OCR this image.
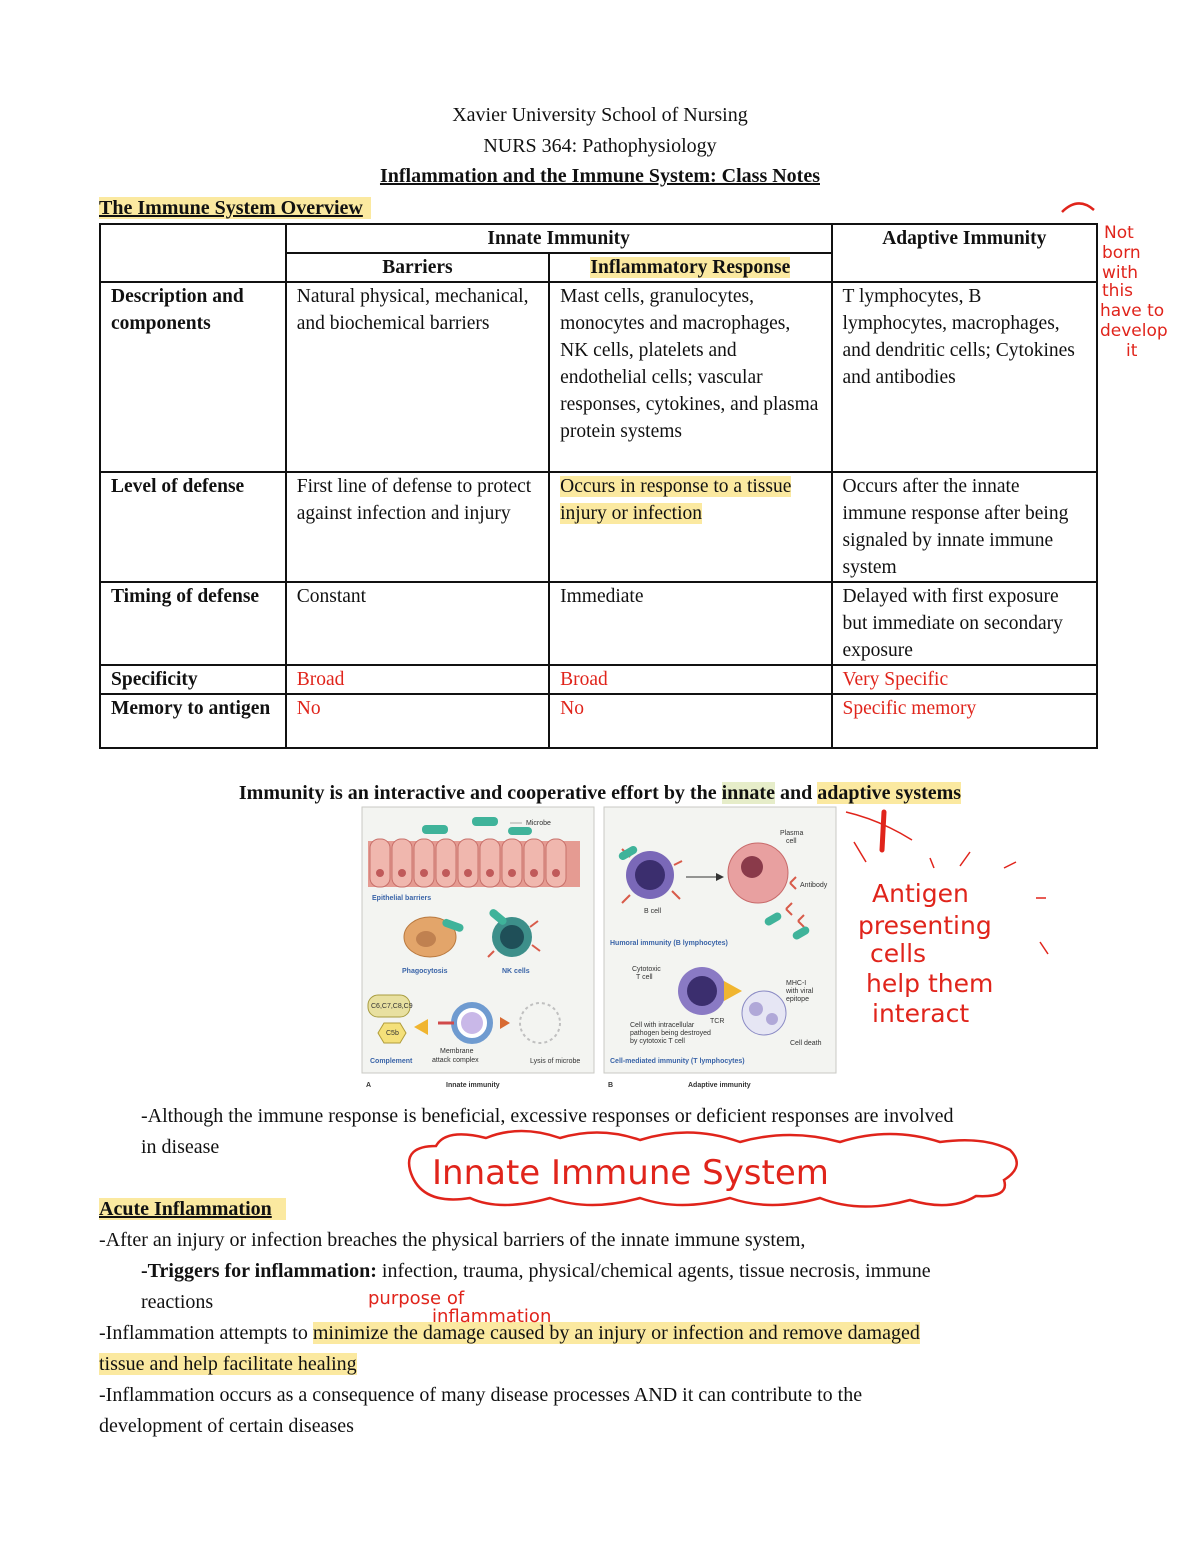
Xavier University School of Nursing
NURS 364: Pathophysiology
Inflammation and the Immune System: Class Notes
The Immune System Overview
	Innate Immunity		Adaptive Immunity
	Barriers	Inflammatory Response	
Description and components	Natural physical, mechanical, and biochemical barriers	Mast cells, granulocytes, monocytes and macrophages, NK cells, platelets and endothelial cells; vascular responses, cytokines, and plasma protein systems	T lymphocytes, B lymphocytes, macrophages, and dendritic cells; Cytokines and antibodies
Level of defense	First line of defense to protect against infection and injury	Occurs in response to a tissue injury or infection	Occurs after the innate immune response after being signaled by innate immune system
Timing of defense	Constant	Immediate	Delayed with first exposure but immediate on secondary exposure
Specificity	Broad	Broad	Very Specific
Memory to antigen	No	No	Specific memory
Immunity is an interactive and cooperative effort by the innate and adaptive systems
Microbe
Epithelial barriers
Phagocytosis	NK cells
C6,C7,C8,C9
C5b
Complement
Membrane
attack complex	Lysis of microbe
A	Innate immunity
B cell
Plasma
cell
Antibody
Humoral immunity (B lymphocytes)
Cytotoxic
T cell
MHC-I
with viral
epitope
TCR
Cell with intracellular
pathogen being destroyed
by cytotoxic T cell	Cell death
Cell-mediated immunity (T lymphocytes)
B	Adaptive immunity
-Although the immune response is beneficial, excessive responses or deficient responses are involved
in disease
Acute Inflammation
-After an injury or infection breaches the physical barriers of the innate immune system,
-Triggers for inflammation: infection, trauma, physical/chemical agents, tissue necrosis, immune
reactions
-Inflammation attempts to minimize the damage caused by an injury or infection and remove damaged
tissue and help facilitate healing
-Inflammation occurs as a consequence of many disease processes AND it can contribute to the
development of certain diseases
Not
born
with
this
have to
develop
it
Antigen
presenting
cells
help them
interact
Innate Immune System
purpose of
inflammation
